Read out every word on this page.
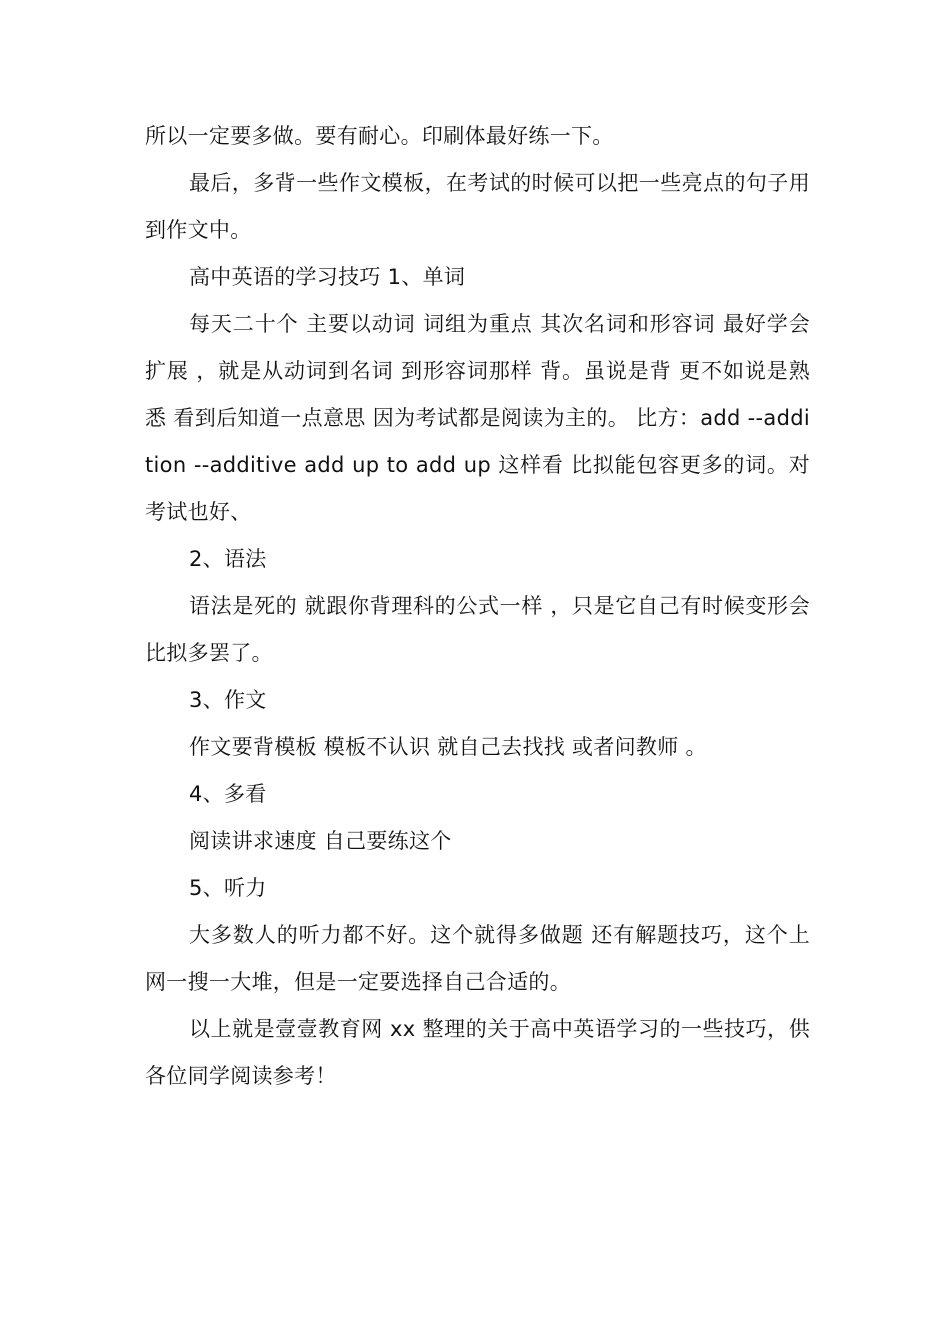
所以一定要多做。要有耐心。印刷体最好练一下。

最后，多背一些作文模板，在考试的时候可以把一些亮点的句子用到作文中。

高中英语的学习技巧 1、单词

每天二十个 主要以动词 词组为重点 其次名词和形容词 最好学会扩展 ，就是从动词到名词 到形容词那样 背。虽说是背 更不如说是熟悉 看到后知道一点意思 因为考试都是阅读为主的。 比方：add --addition --additive add up to add up 这样看 比拟能包容更多的词。对考试也好、

2、语法

语法是死的 就跟你背理科的公式一样 ，只是它自己有时候变形会比拟多罢了。

3、作文

作文要背模板 模板不认识 就自己去找找 或者问教师 。

4、多看

阅读讲求速度 自己要练这个

5、听力

大多数人的听力都不好。这个就得多做题 还有解题技巧，这个上网一搜一大堆，但是一定要选择自己合适的。

以上就是壹壹教育网 xx 整理的关于高中英语学习的一些技巧，供各位同学阅读参考！
